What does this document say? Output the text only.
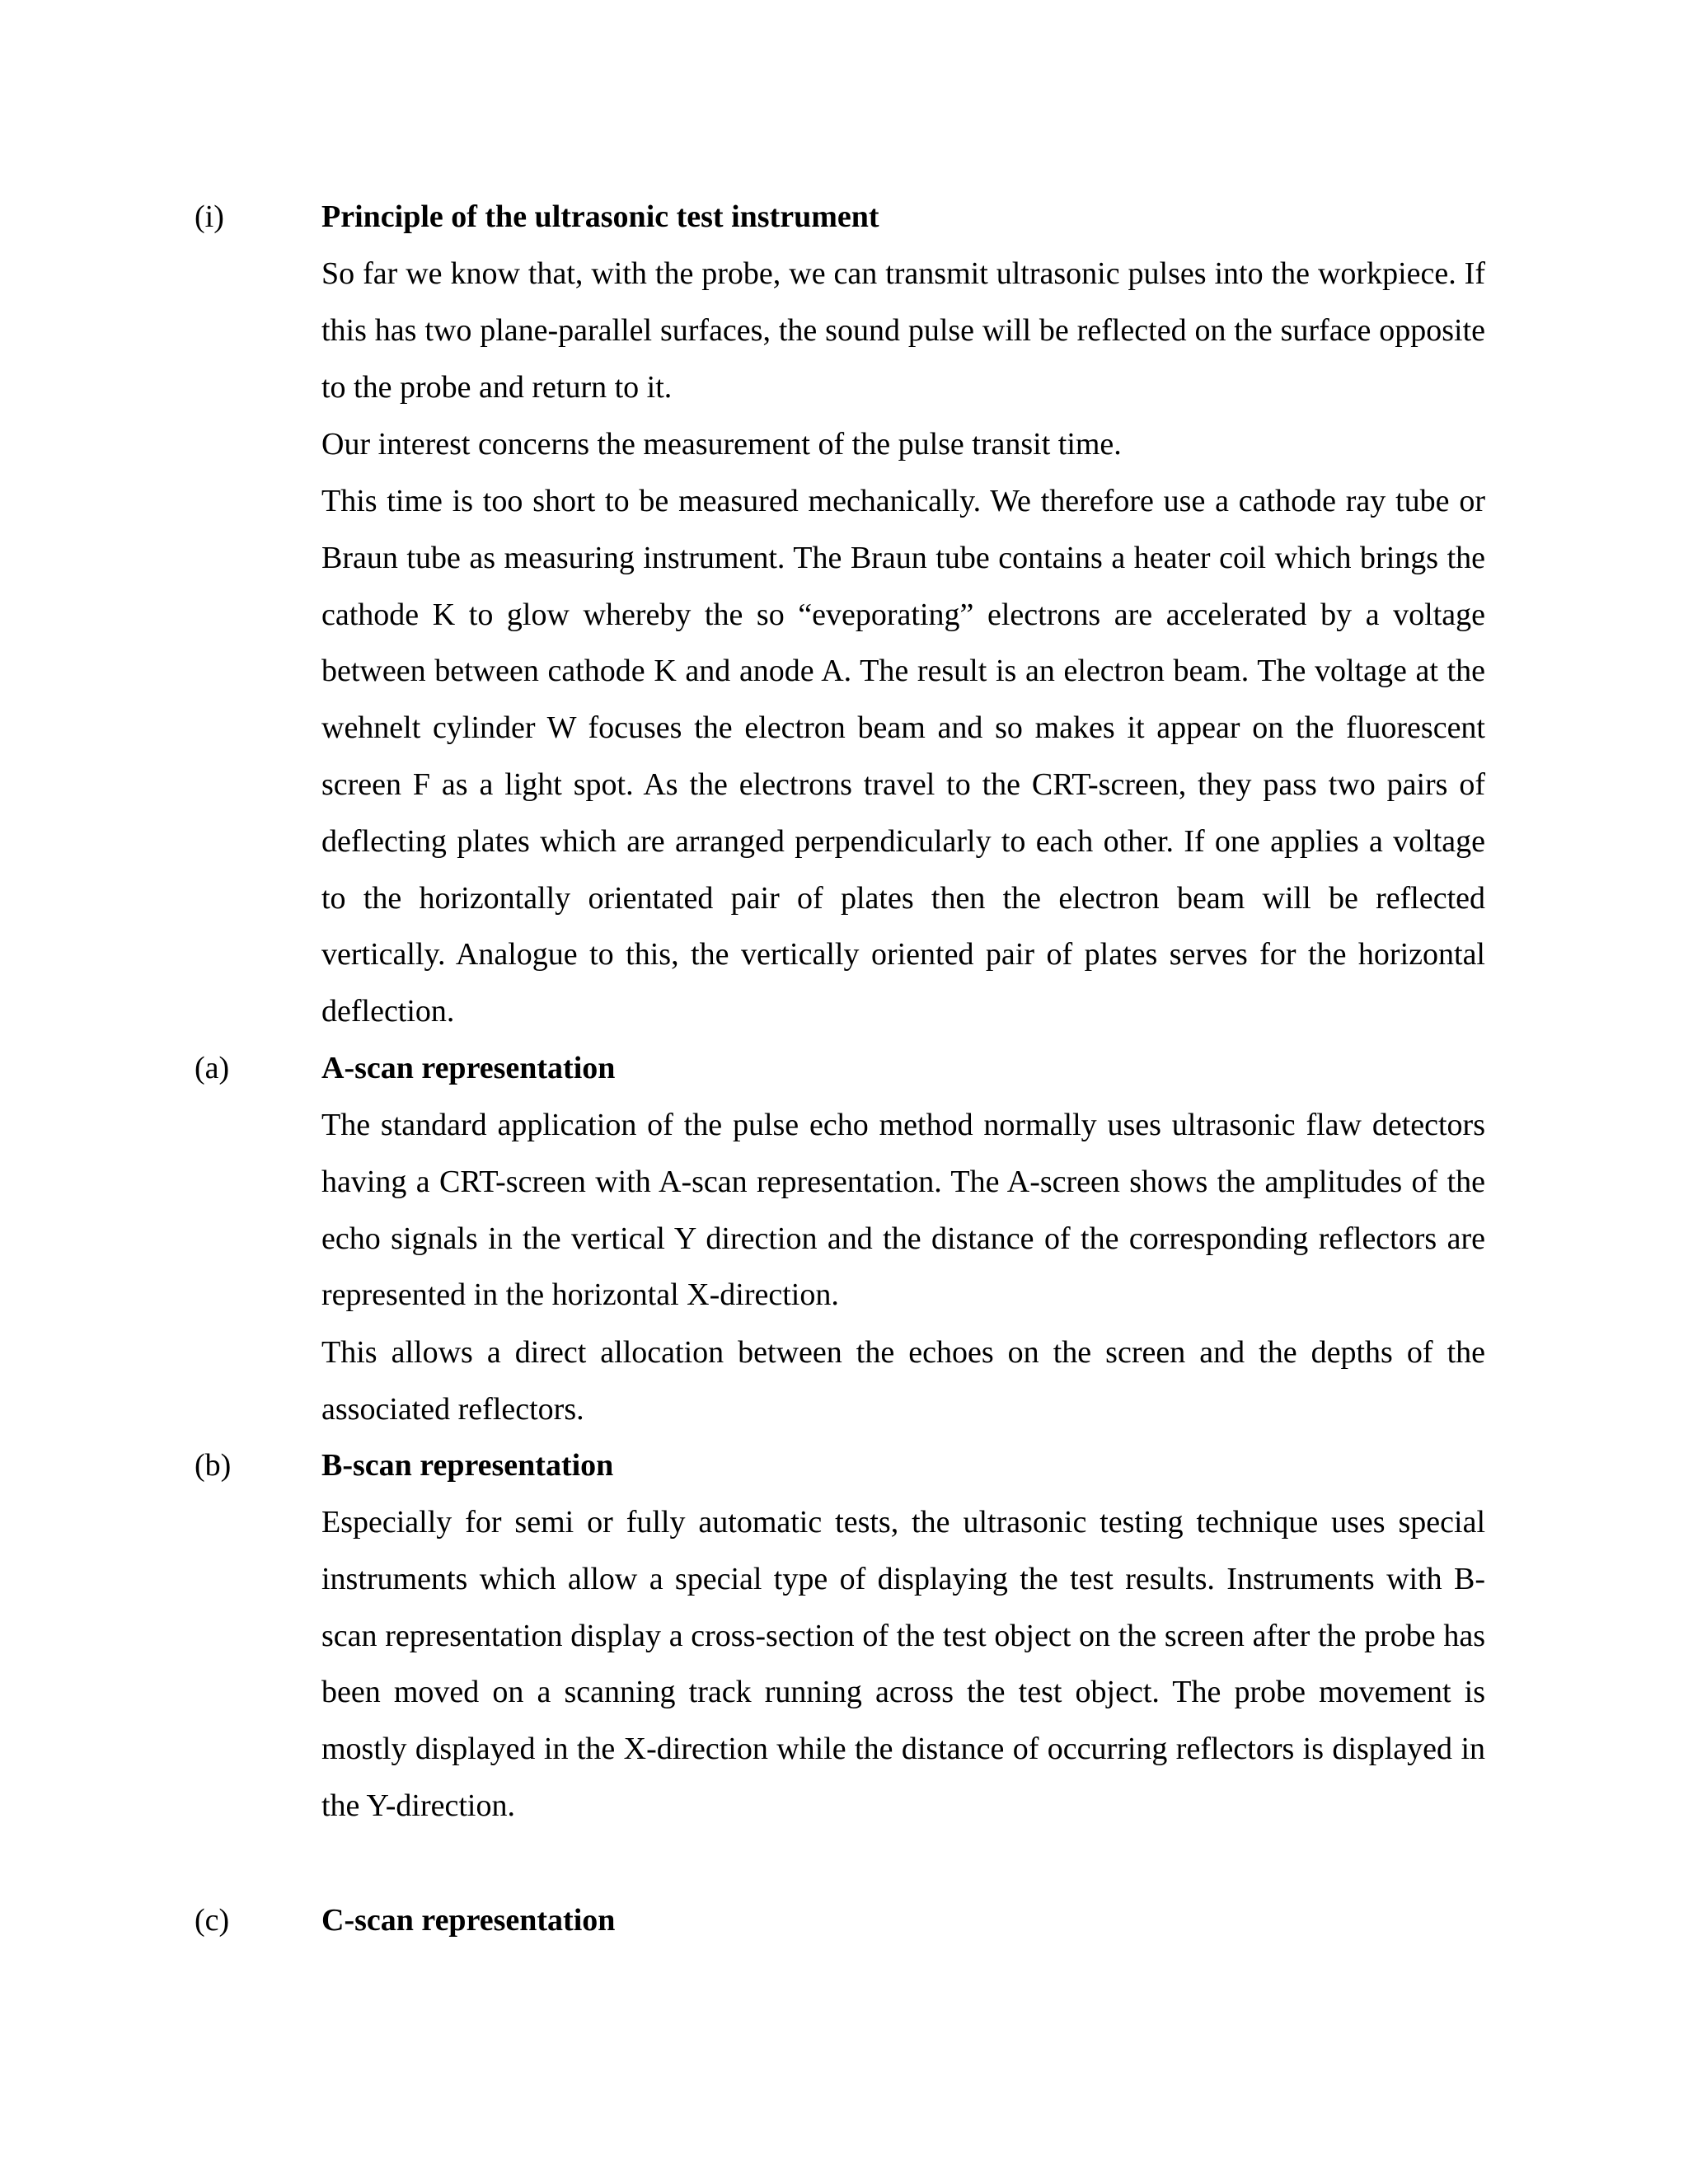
(i)	Principle of the ultrasonic test instrument

So far we know that, with the probe, we can transmit ultrasonic pulses into the workpiece. If this has two plane-parallel surfaces, the sound pulse will be reflected on the surface opposite to the probe and return to it.

Our interest concerns the measurement of the pulse transit time.

This time is too short to be measured mechanically. We therefore use a cathode ray tube or Braun tube as measuring instrument. The Braun tube contains a heater coil which brings the cathode K to glow whereby the so “eveporating” electrons are accelerated by a voltage between between cathode K and anode A. The result is an electron beam. The voltage at the wehnelt cylinder W focuses the electron beam and so makes it appear on the fluorescent screen F as a light spot. As the electrons travel to the CRT-screen, they pass two pairs of deflecting plates which are arranged perpendicularly to each other. If one applies a voltage to the horizontally orientated pair of plates then the electron beam will be reflected vertically. Analogue to this, the vertically oriented pair of plates serves for the horizontal deflection.

(a)	A-scan representation

The standard application of the pulse echo method normally uses ultrasonic flaw detectors having a CRT-screen with A-scan representation. The A-screen shows the amplitudes of the echo signals in the vertical Y direction and the distance of the corresponding reflectors are represented in the horizontal X-direction.

This allows a direct allocation between the echoes on the screen and the depths of the associated reflectors.

(b)	B-scan representation

Especially for semi or fully automatic tests, the ultrasonic testing technique uses special instruments which allow a special type of displaying the test results. Instruments with B-scan representation display a cross-section of the test object on the screen after the probe has been moved on a scanning track running across the test object. The probe movement is mostly displayed in the X-direction while the distance of occurring reflectors is displayed in the Y-direction.

(c)	C-scan representation
